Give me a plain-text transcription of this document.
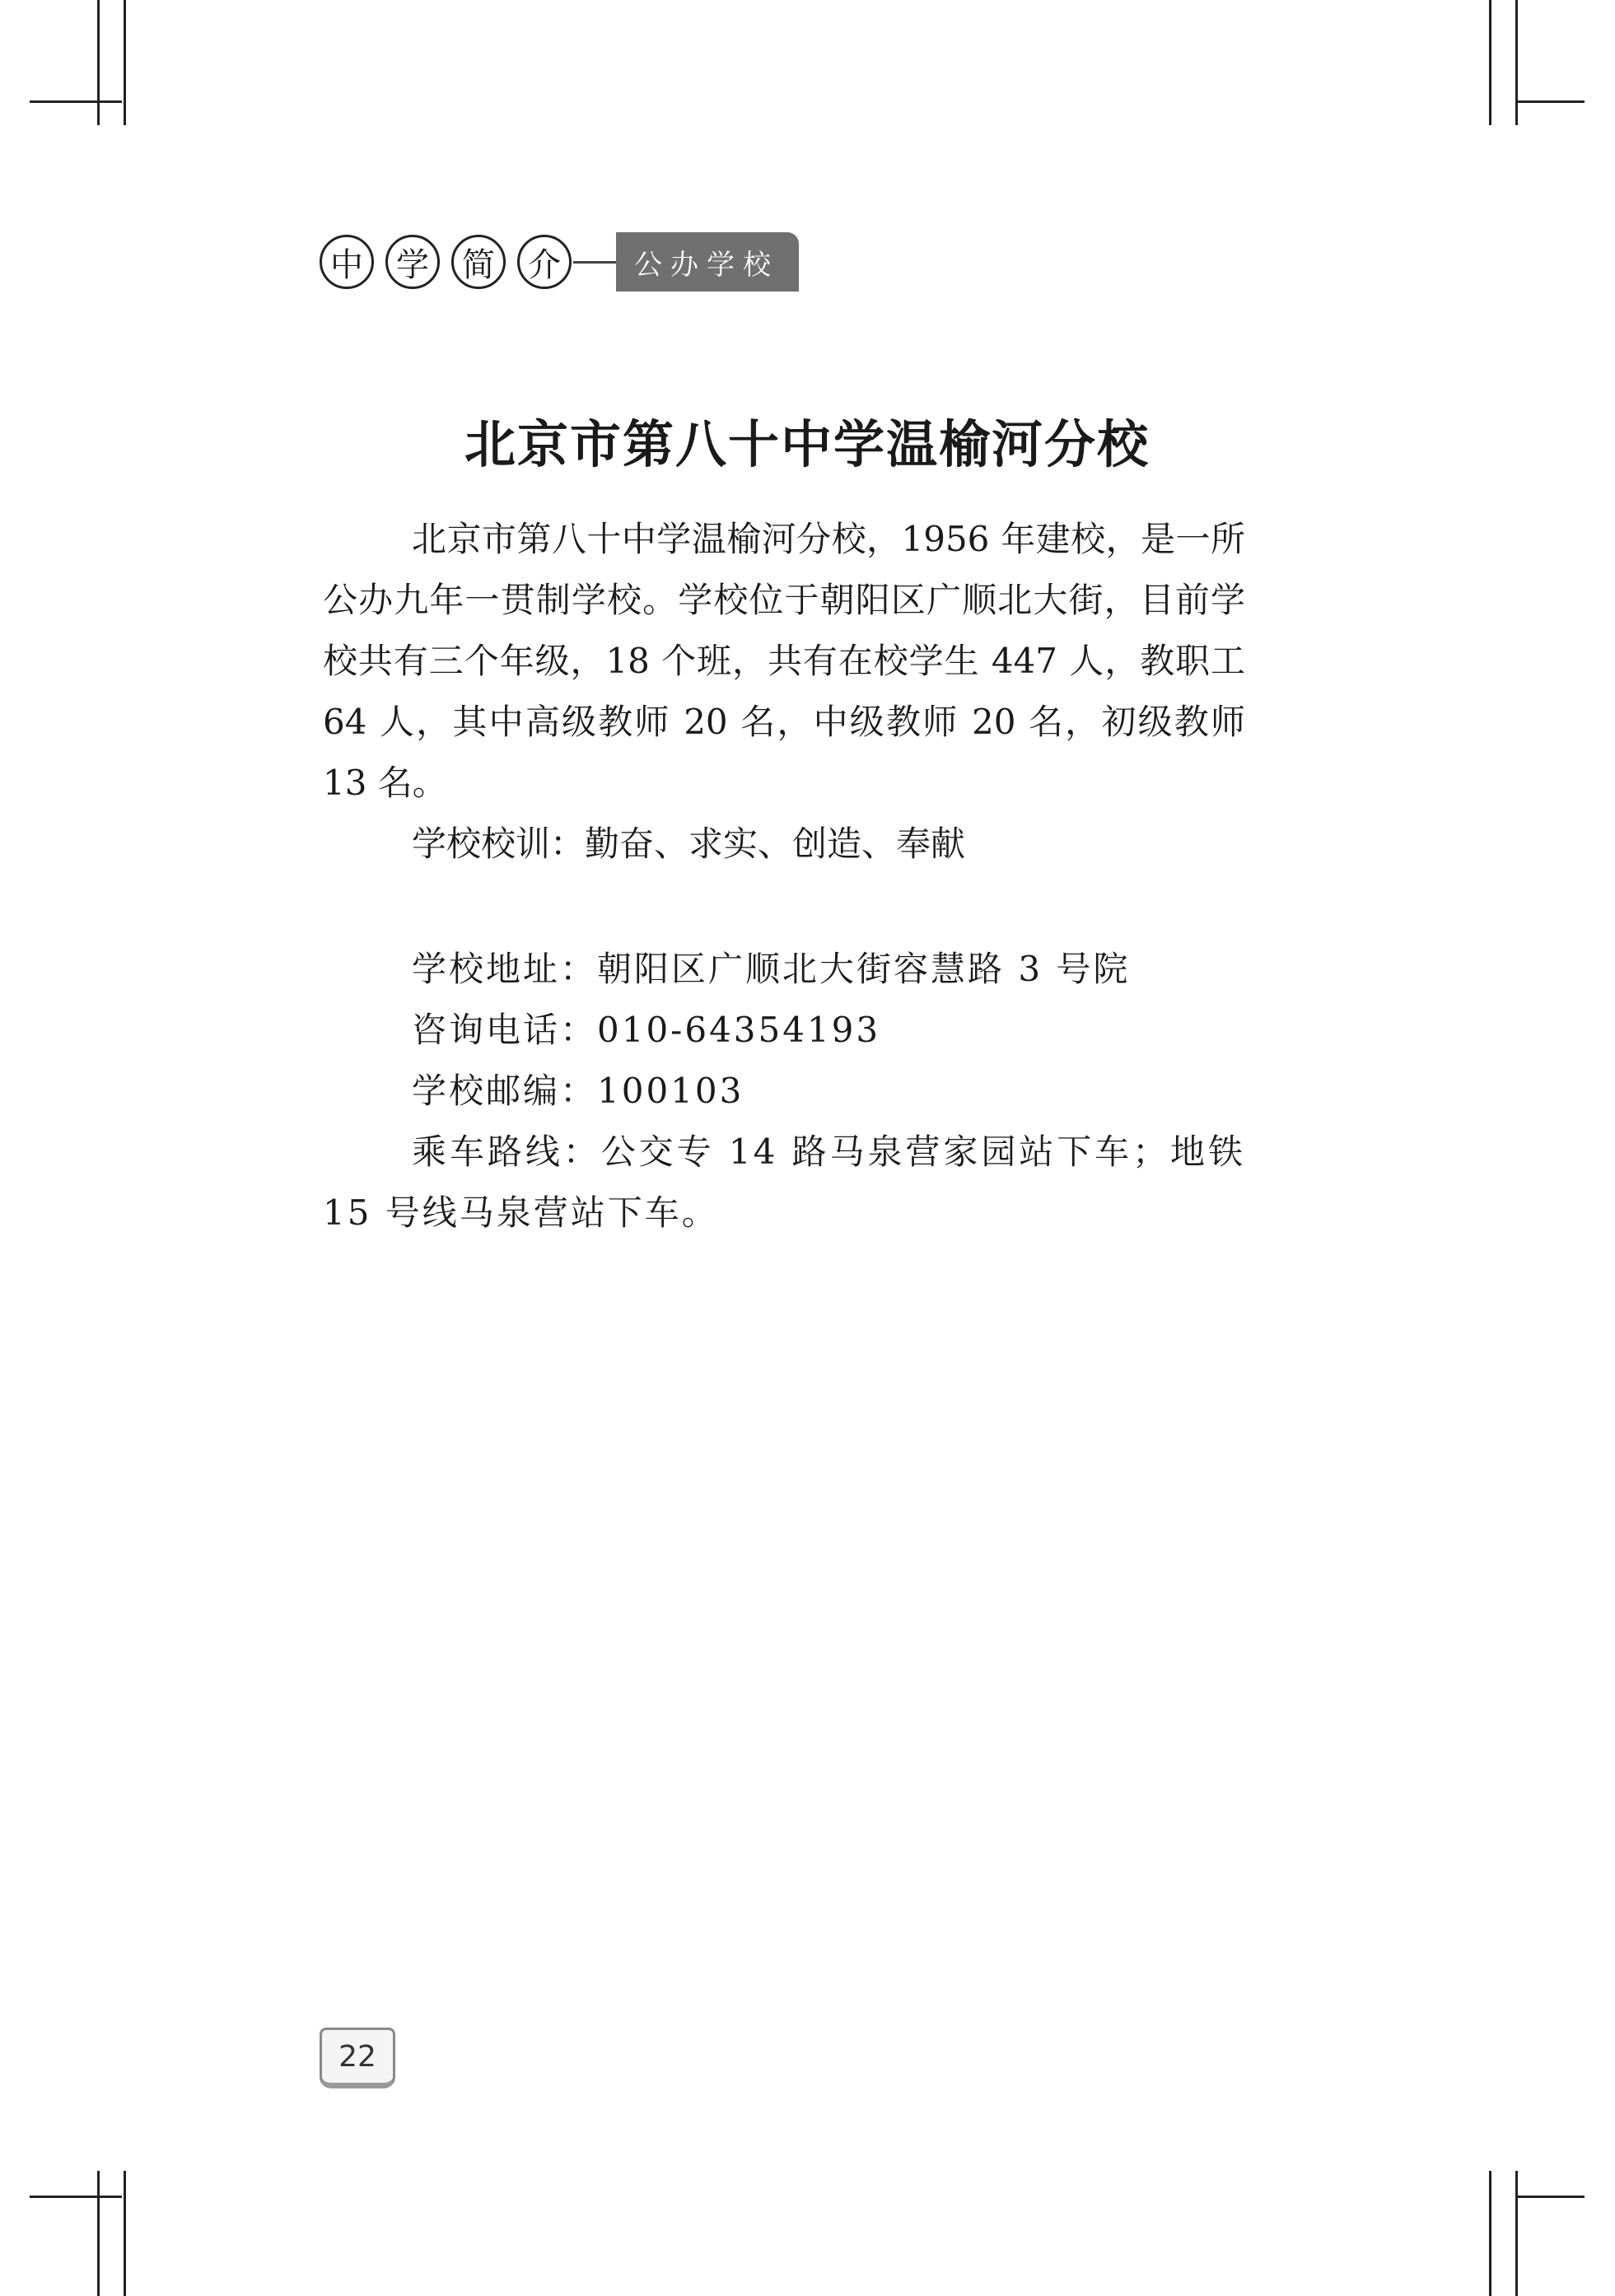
中	学	简	介	公办学校
北京市第八十中学温榆河分校

北京市第八十中学温榆河分校，1956 年建校，是一所公办九年一贯制学校。学校位于朝阳区广顺北大街，目前学校共有三个年级，18 个班，共有在校学生 447 人，教职工 64 人，其中高级教师 20 名，中级教师 20 名，初级教师 13 名。

学校校训：勤奋、求实、创造、奉献

学校地址：朝阳区广顺北大街容慧路 3 号院

咨询电话：010-64354193

学校邮编：100103

乘车路线：公交专 14 路马泉营家园站下车；地铁 15 号线马泉营站下车。

22
